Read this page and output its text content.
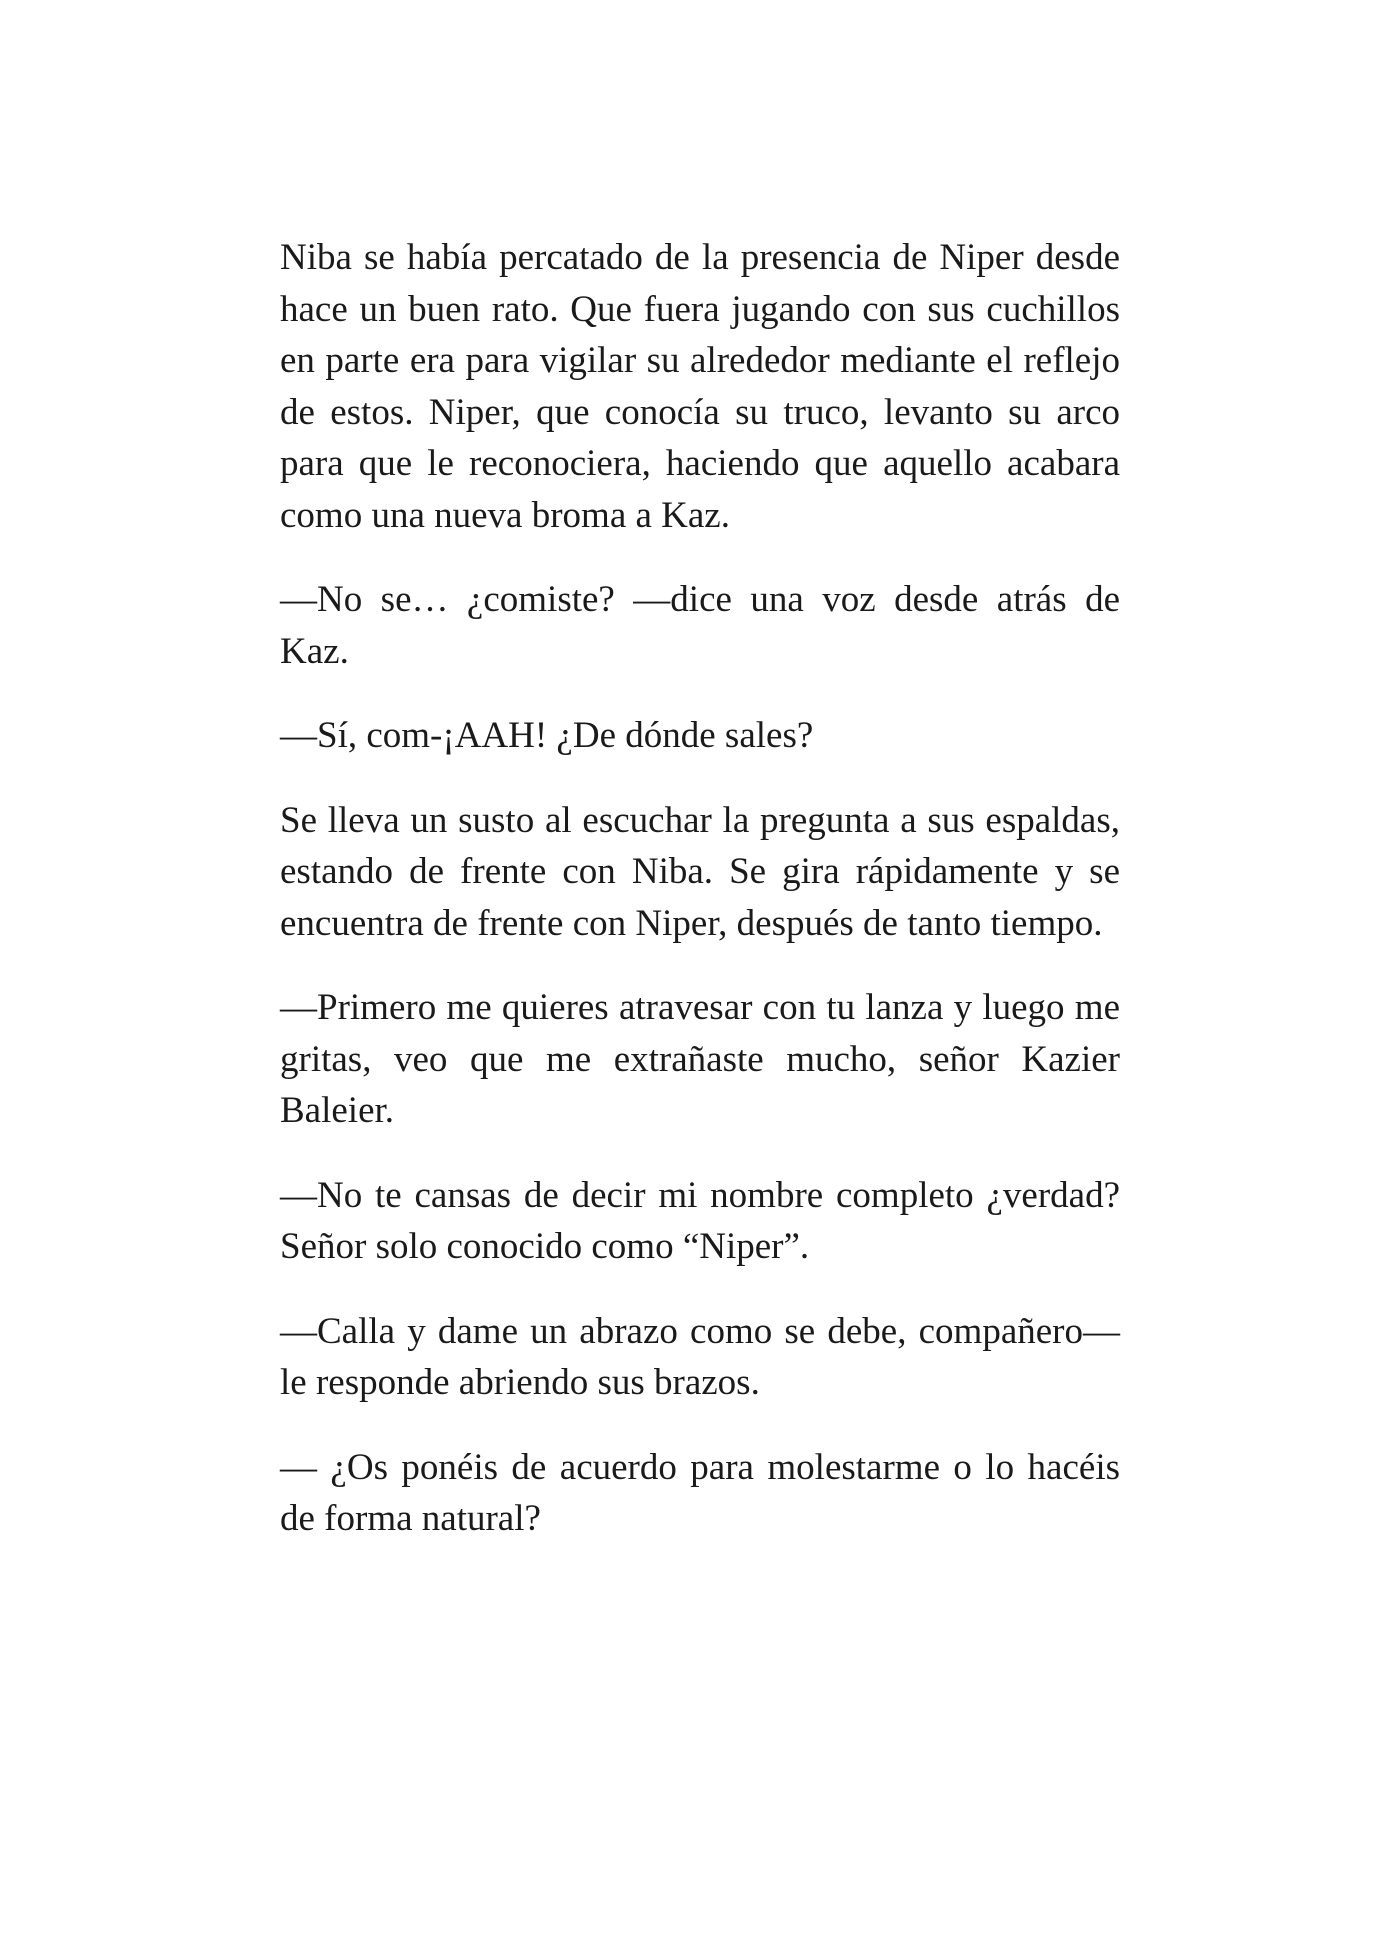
Niba se había percatado de la presencia de Niper desde hace un buen rato. Que fuera jugando con sus cuchillos en parte era para vigilar su alrededor mediante el reflejo de estos. Niper, que conocía su truco, levanto su arco para que le reconociera, haciendo que aquello acabara como una nueva broma a Kaz.

—No se… ¿comiste? —dice una voz desde atrás de Kaz.

—Sí, com-¡AAH! ¿De dónde sales?

Se lleva un susto al escuchar la pregunta a sus espaldas, estando de frente con Niba. Se gira rápidamente y se encuentra de frente con Niper, después de tanto tiempo.

—Primero me quieres atravesar con tu lanza y luego me gritas, veo que me extrañaste mucho, señor Kazier Baleier.

—No te cansas de decir mi nombre completo ¿verdad? Señor solo conocido como “Niper”.

—Calla y dame un abrazo como se debe, compañero—le responde abriendo sus brazos.

— ¿Os ponéis de acuerdo para molestarme o lo hacéis de forma natural?
